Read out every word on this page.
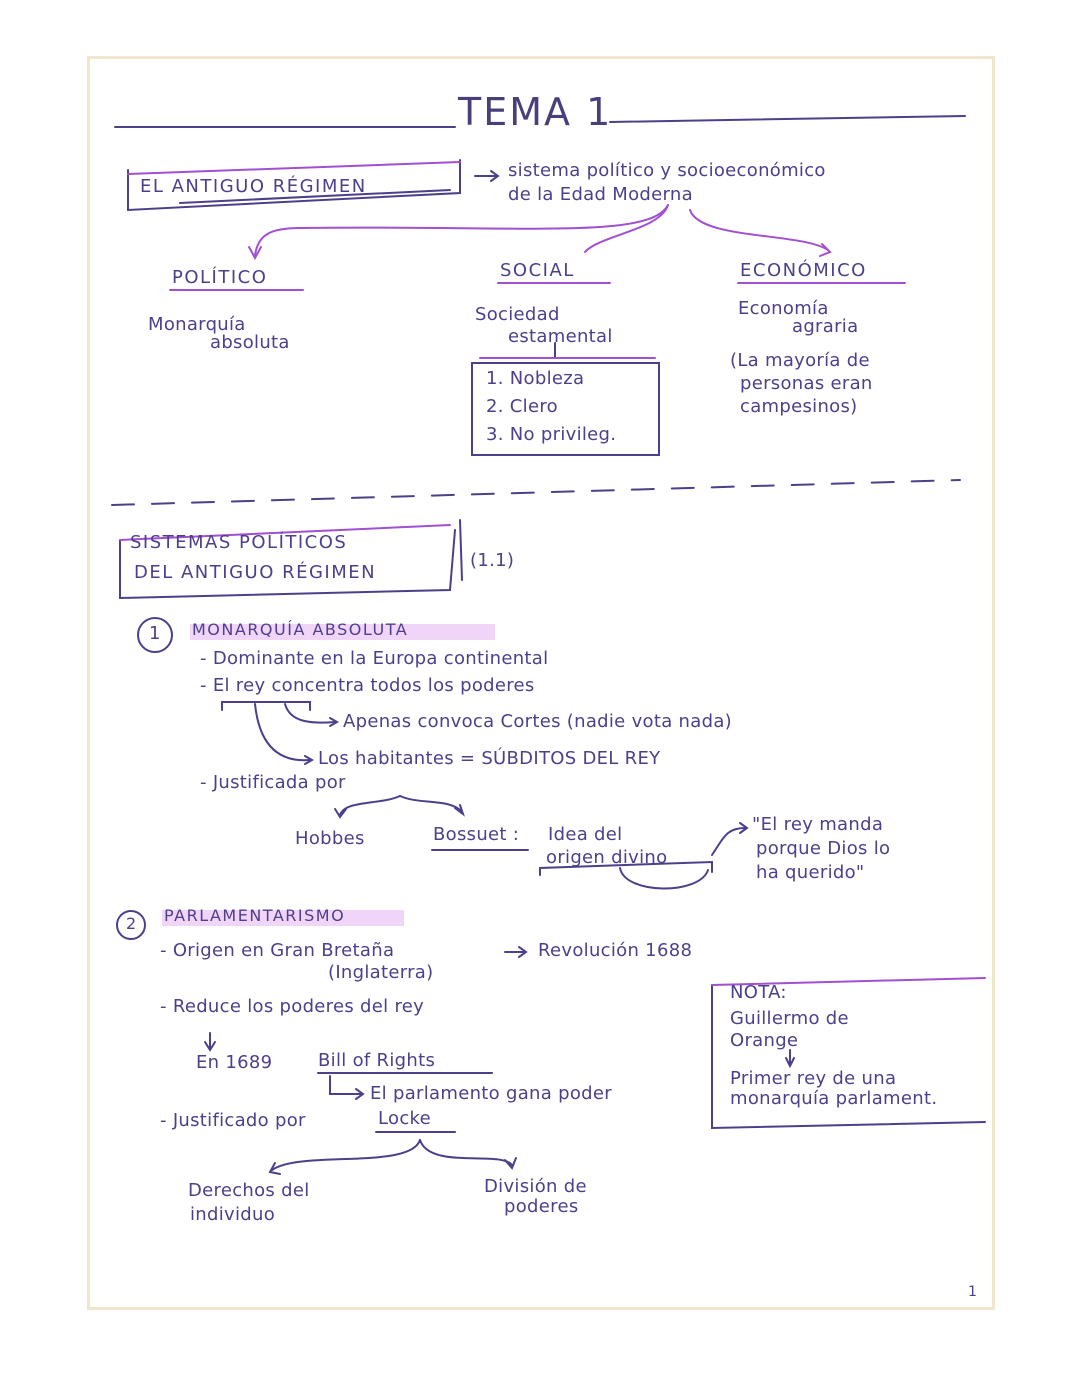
TEMA 1
EL ANTIGUO RÉGIMEN
sistema político y socioeconómico
de la Edad Moderna
POLÍTICO
Monarquía
absoluta
SOCIAL
Sociedad
estamental
1. Nobleza
2. Clero
3. No privileg.
ECONÓMICO
Economía
agraria
(La mayoría de
personas eran
campesinos)
SISTEMAS POLÍTICOS
DEL ANTIGUO RÉGIMEN
(1.1)
1 MONARQUÍA ABSOLUTA
- Dominante en la Europa continental
- El rey concentra todos los poderes
Apenas convoca Cortes (nadie vota nada)
Los habitantes = SÚBDITOS DEL REY
- Justificada por
Hobbes	Bossuet : Idea del
origen divino
"El rey manda
porque Dios lo
ha querido"
2 PARLAMENTARISMO
- Origen en Gran Bretaña
(Inglaterra)
Revolución 1688
- Reduce los poderes del rey
En 1689	Bill of Rights
El parlamento gana poder
- Justificado por	Locke
Derechos del
individuo
División de
poderes
NOTA:
Guillermo de
Orange
Primer rey de una
monarquía parlament.
1
